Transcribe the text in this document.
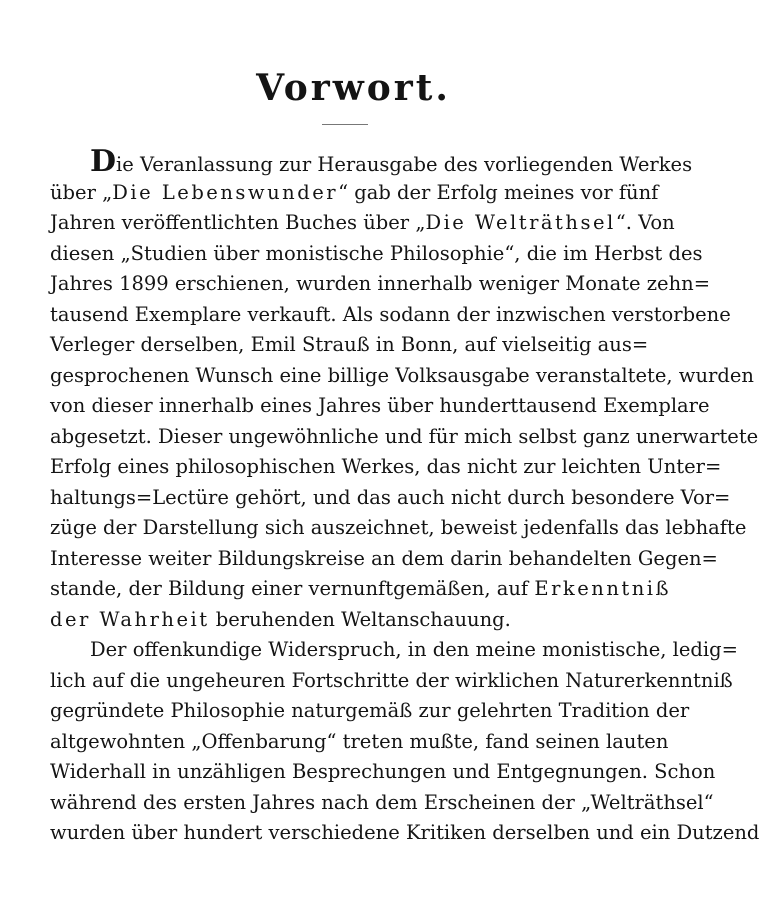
Vorwort.
Die Veranlassung zur Herausgabe des vorliegenden Werkes
über „Die Lebenswunder“ gab der Erfolg meines vor fünf
Jahren veröffentlichten Buches über „Die Welträthsel“. Von
diesen „Studien über monistische Philosophie“, die im Herbst des
Jahres 1899 erschienen, wurden innerhalb weniger Monate zehn=
tausend Exemplare verkauft. Als sodann der inzwischen verstorbene
Verleger derselben, Emil Strauß in Bonn, auf vielseitig aus=
gesprochenen Wunsch eine billige Volksausgabe veranstaltete, wurden
von dieser innerhalb eines Jahres über hunderttausend Exemplare
abgesetzt. Dieser ungewöhnliche und für mich selbst ganz unerwartete
Erfolg eines philosophischen Werkes, das nicht zur leichten Unter=
haltungs=Lectüre gehört, und das auch nicht durch besondere Vor=
züge der Darstellung sich auszeichnet, beweist jedenfalls das lebhafte
Interesse weiter Bildungskreise an dem darin behandelten Gegen=
stande, der Bildung einer vernunftgemäßen, auf Erkenntniß
der Wahrheit beruhenden Weltanschauung.
Der offenkundige Widerspruch, in den meine monistische, ledig=
lich auf die ungeheuren Fortschritte der wirklichen Naturerkenntniß
gegründete Philosophie naturgemäß zur gelehrten Tradition der
altgewohnten „Offenbarung“ treten mußte, fand seinen lauten
Widerhall in unzähligen Besprechungen und Entgegnungen. Schon
während des ersten Jahres nach dem Erscheinen der „Welträthsel“
wurden über hundert verschiedene Kritiken derselben und ein Dutzend
